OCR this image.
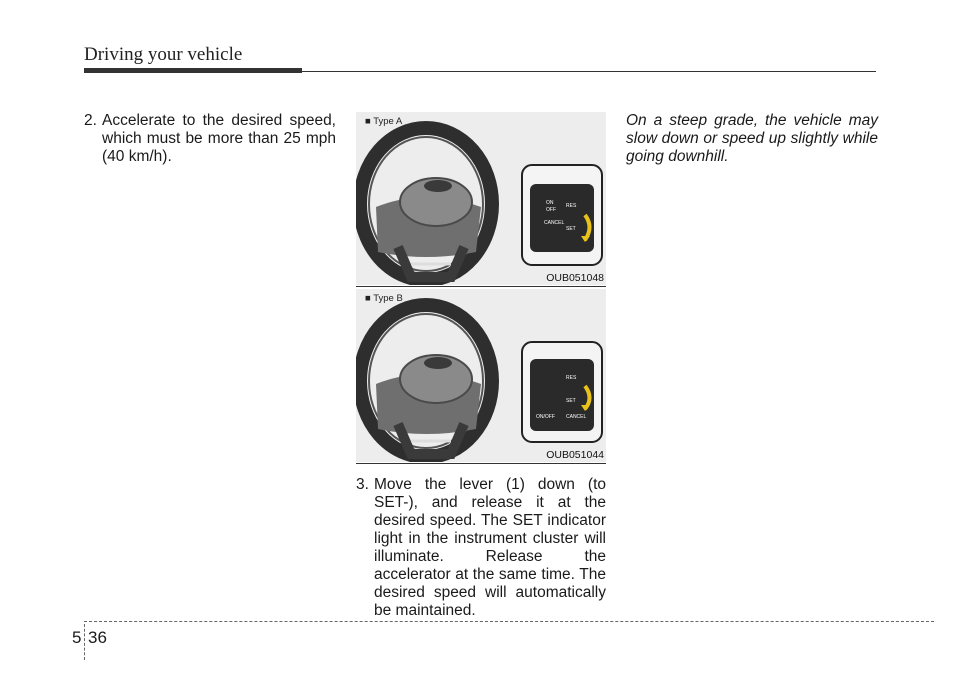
Driving your vehicle
2. Accelerate to the desired speed, which must be more than 25 mph (40 km/h).
ON
OFF
RES
CANCEL
SET
■ Type A
OUB051048
RES
ON/OFF CANCEL
SET
■ Type B
OUB051044
3. Move the lever (1) down (to SET-), and release it at the desired speed. The SET indicator light in the instrument cluster will illuminate. Release the accelerator at the same time. The desired speed will automatically be maintained.
On a steep grade, the vehicle may slow down or speed up slightly while going downhill.
5 36
